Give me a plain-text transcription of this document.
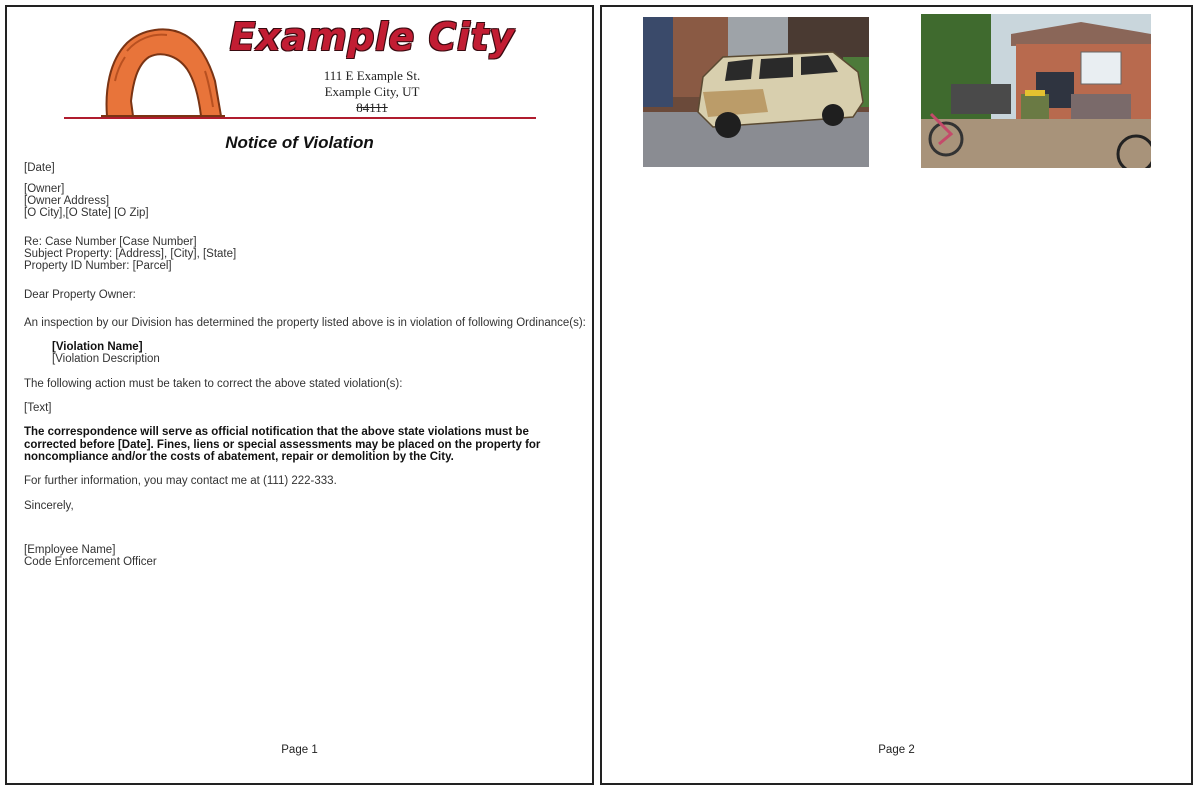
Example City
111 E Example St.
Example City, UT
84111
Notice of Violation
[Date]
[Owner]
[Owner Address]
[O City],[O State] [O Zip]
Re: Case Number [Case Number]
Subject Property: [Address], [City], [State]
Property ID Number: [Parcel]
Dear Property Owner:
An inspection by our Division has determined the property listed above is in violation of following Ordinance(s):
[Violation Name]
[Violation Description
The following action must be taken to correct the above stated violation(s):
[Text]
The correspondence will serve as official notification that the above state violations must be corrected before [Date]. Fines, liens or special assessments may be placed on the property for noncompliance and/or the costs of abatement, repair or demolition by the City.
For further information, you may contact me at (111) 222-333.
Sincerely,
[Employee Name]
Code Enforcement Officer
Page 1	Page 2
